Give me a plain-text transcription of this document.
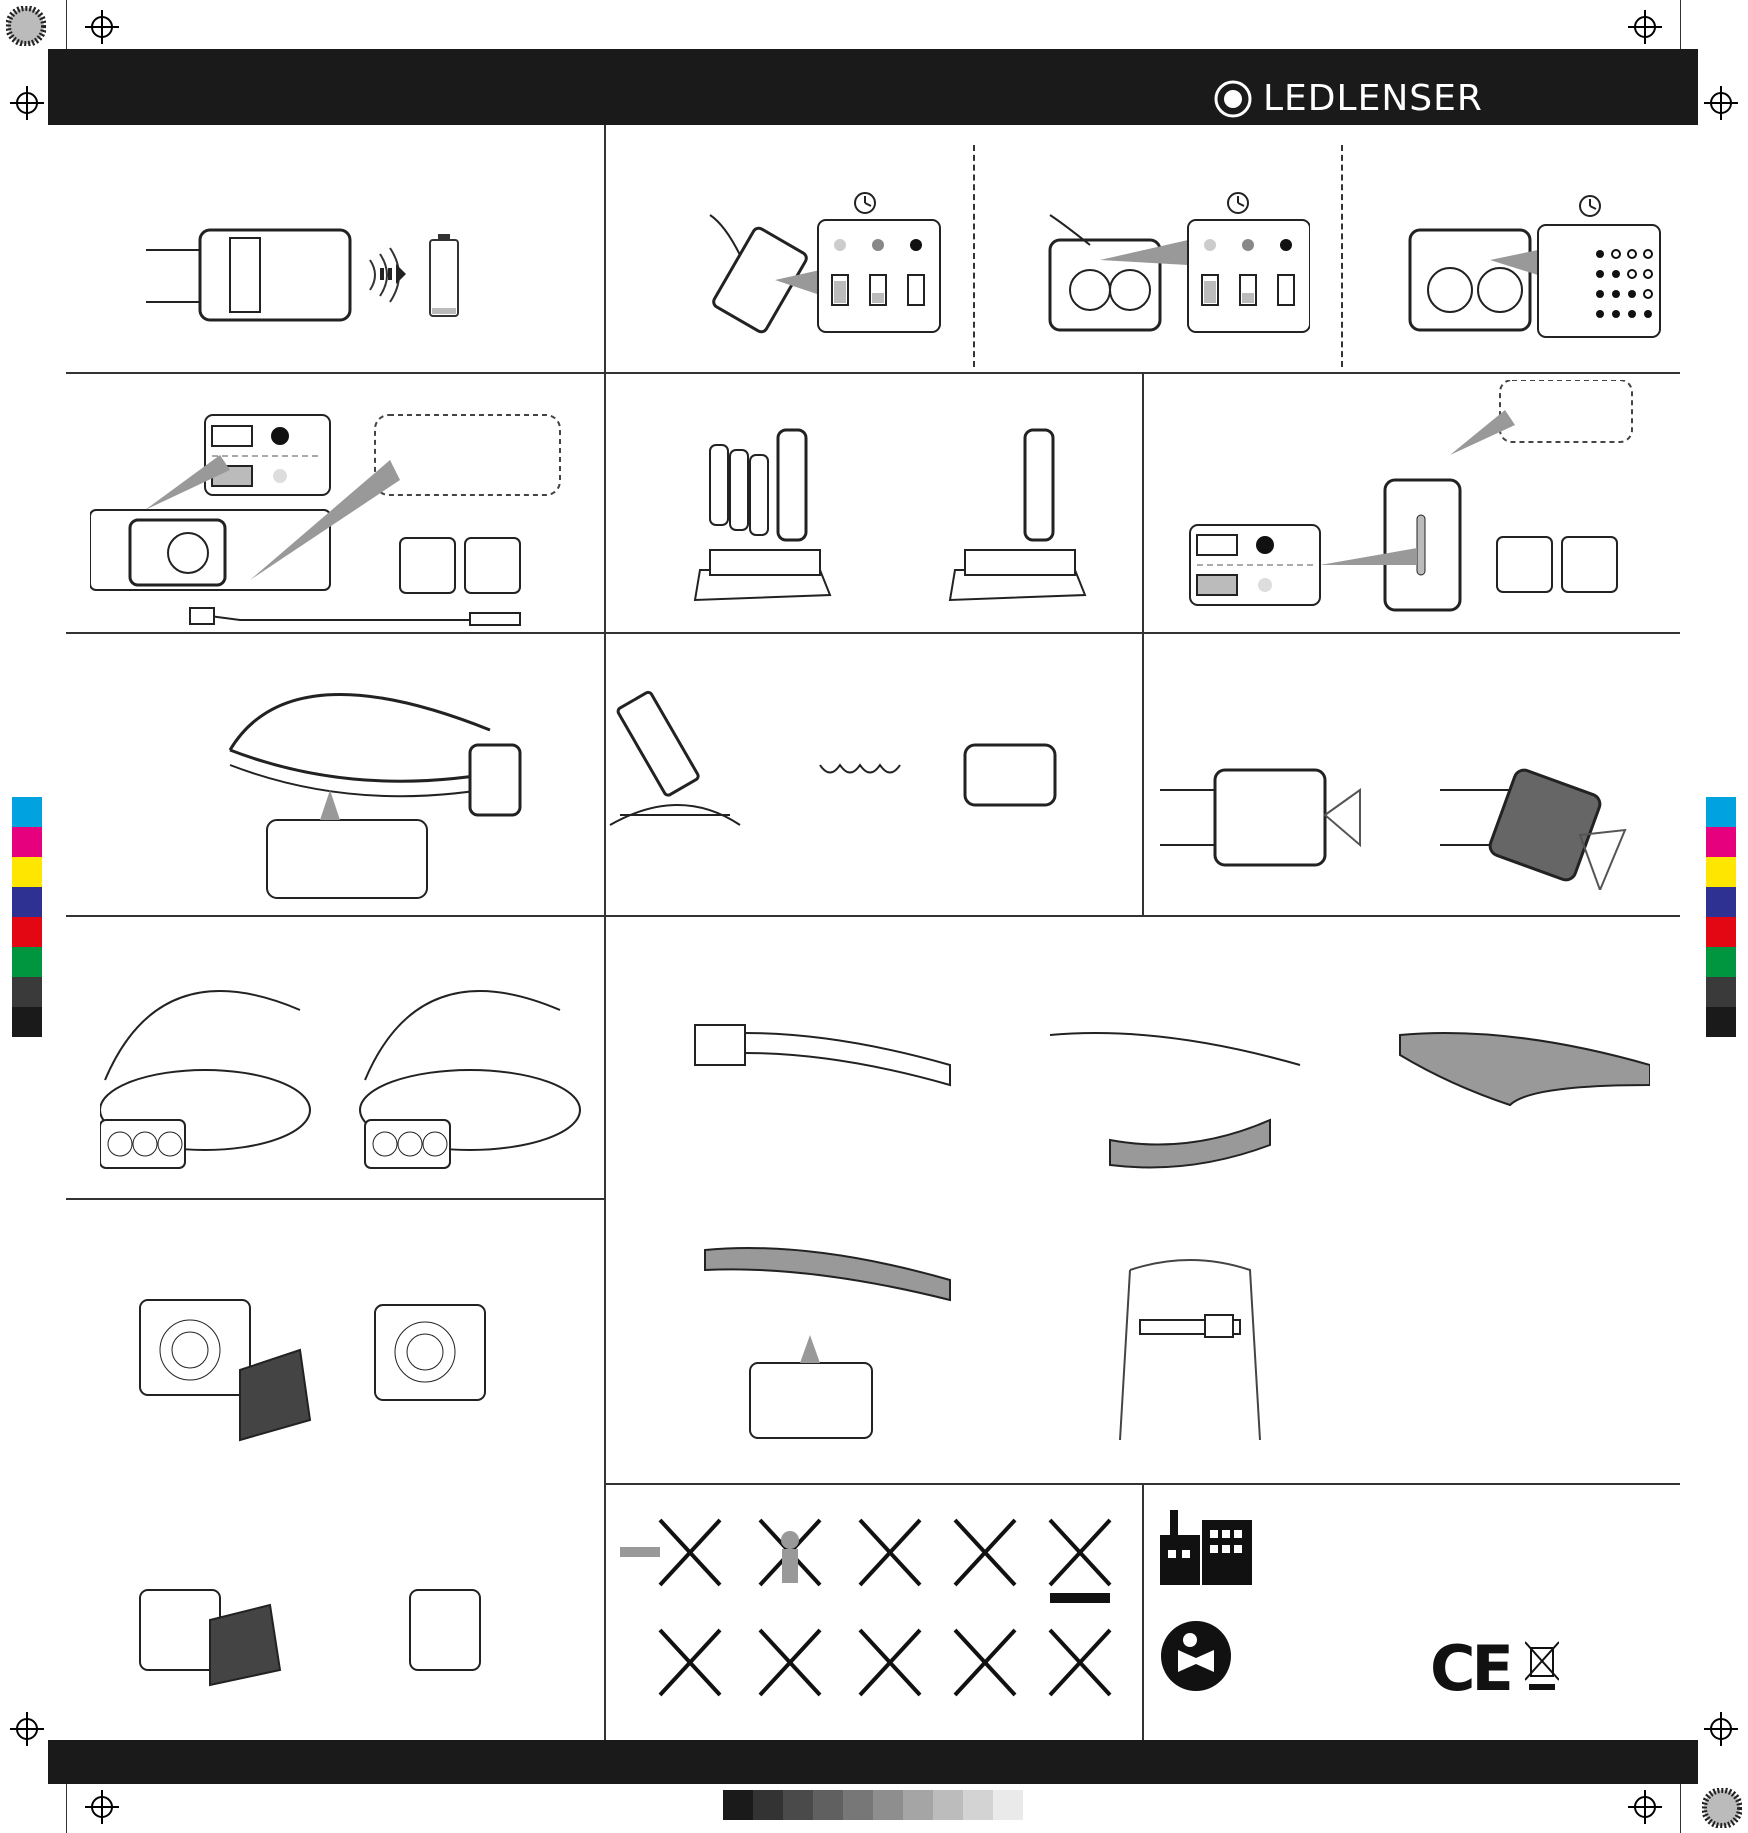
LEDLENSER
CE
